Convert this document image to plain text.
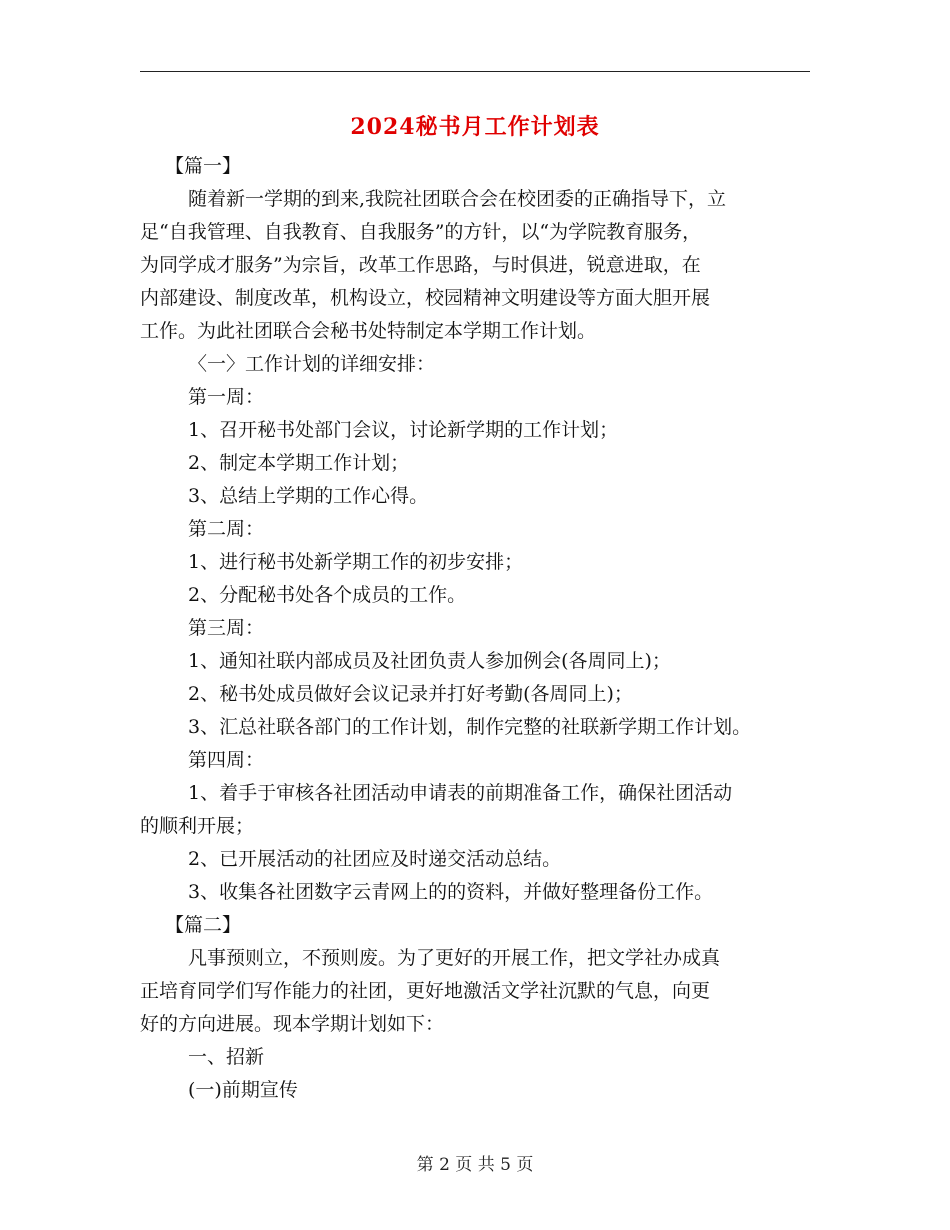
2024秘书月工作计划表
【篇一】
随着新一学期的到来,我院社团联合会在校团委的正确指导下，立
足“自我管理、自我教育、自我服务”的方针，以“为学院教育服务，
为同学成才服务”为宗旨，改革工作思路，与时俱进，锐意进取，在
内部建设、制度改革，机构设立，校园精神文明建设等方面大胆开展
工作。为此社团联合会秘书处特制定本学期工作计划。
〈一〉工作计划的详细安排：
第一周：
1、召开秘书处部门会议，讨论新学期的工作计划；
2、制定本学期工作计划；
3、总结上学期的工作心得。
第二周：
1、进行秘书处新学期工作的初步安排；
2、分配秘书处各个成员的工作。
第三周：
1、通知社联内部成员及社团负责人参加例会(各周同上)；
2、秘书处成员做好会议记录并打好考勤(各周同上)；
3、汇总社联各部门的工作计划，制作完整的社联新学期工作计划。
第四周：
1、着手于审核各社团活动申请表的前期准备工作，确保社团活动
的顺利开展；
2、已开展活动的社团应及时递交活动总结。
3、收集各社团数字云青网上的的资料，并做好整理备份工作。
【篇二】
凡事预则立，不预则废。为了更好的开展工作，把文学社办成真
正培育同学们写作能力的社团，更好地激活文学社沉默的气息，向更
好的方向进展。现本学期计划如下：
一、招新
(一)前期宣传
第 2 页 共 5 页
